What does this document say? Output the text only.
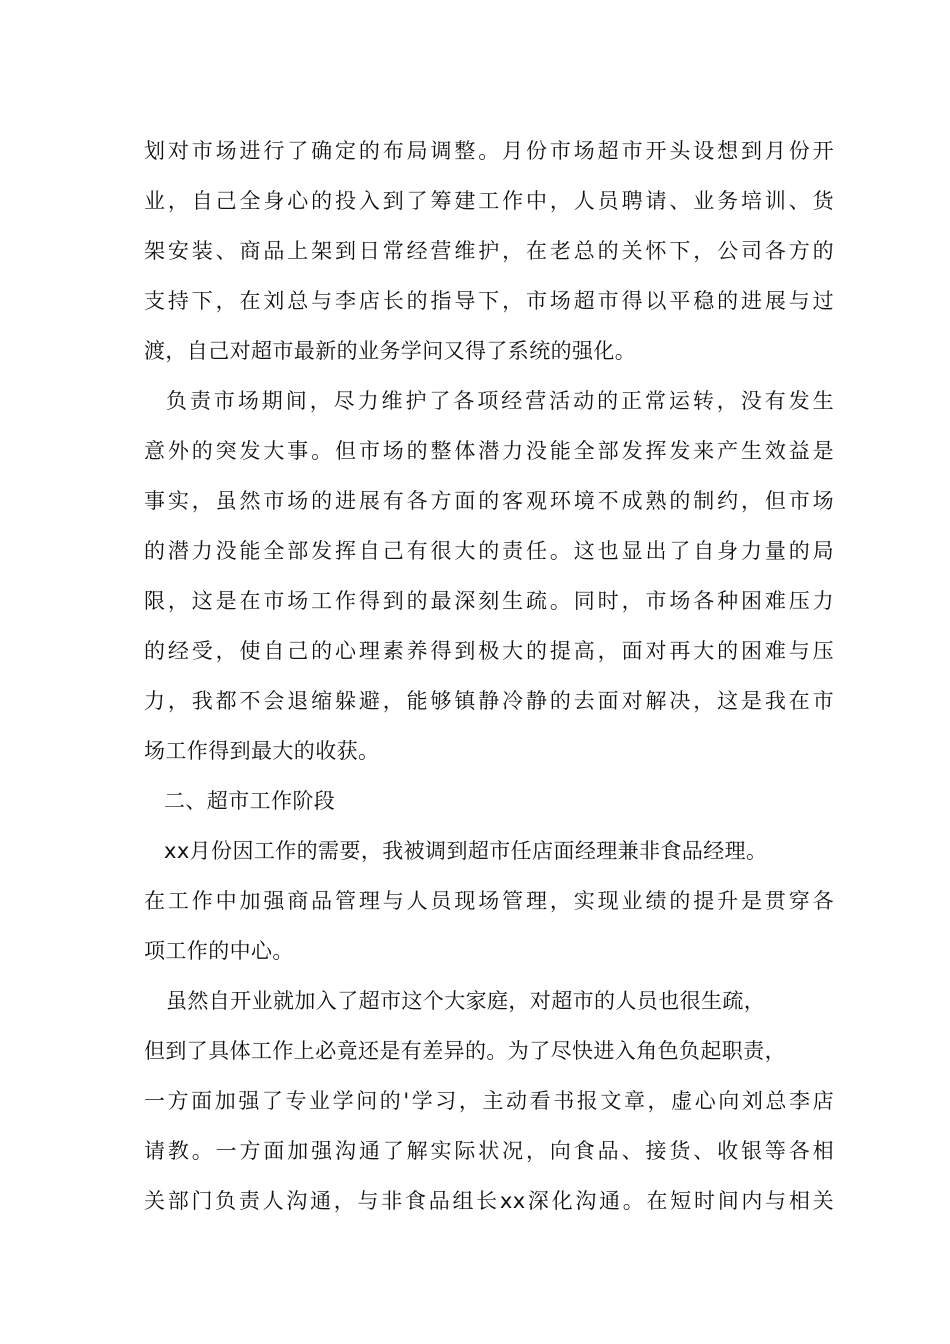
划对市场进行了确定的布局调整。月份市场超市开头设想到月份开
业，自己全身心的投入到了筹建工作中，人员聘请、业务培训、货
架安装、商品上架到日常经营维护，在老总的关怀下，公司各方的
支持下，在刘总与李店长的指导下，市场超市得以平稳的进展与过
渡，自己对超市最新的业务学问又得了系统的强化。
负责市场期间，尽力维护了各项经营活动的正常运转，没有发生
意外的突发大事。但市场的整体潜力没能全部发挥发来产生效益是
事实，虽然市场的进展有各方面的客观环境不成熟的制约，但市场
的潜力没能全部发挥自己有很大的责任。这也显出了自身力量的局
限，这是在市场工作得到的最深刻生疏。同时，市场各种困难压力
的经受，使自己的心理素养得到极大的提高，面对再大的困难与压
力，我都不会退缩躲避，能够镇静冷静的去面对解决，这是我在市
场工作得到最大的收获。
二、超市工作阶段
xx月份因工作的需要，我被调到超市任店面经理兼非食品经理。
在工作中加强商品管理与人员现场管理，实现业绩的提升是贯穿各
项工作的中心。
虽然自开业就加入了超市这个大家庭，对超市的人员也很生疏，
但到了具体工作上必竟还是有差异的。为了尽快进入角色负起职责，
一方面加强了专业学问的'学习，主动看书报文章，虚心向刘总李店
请教。一方面加强沟通了解实际状况，向食品、接货、收银等各相
关部门负责人沟通，与非食品组长xx深化沟通。在短时间内与相关
